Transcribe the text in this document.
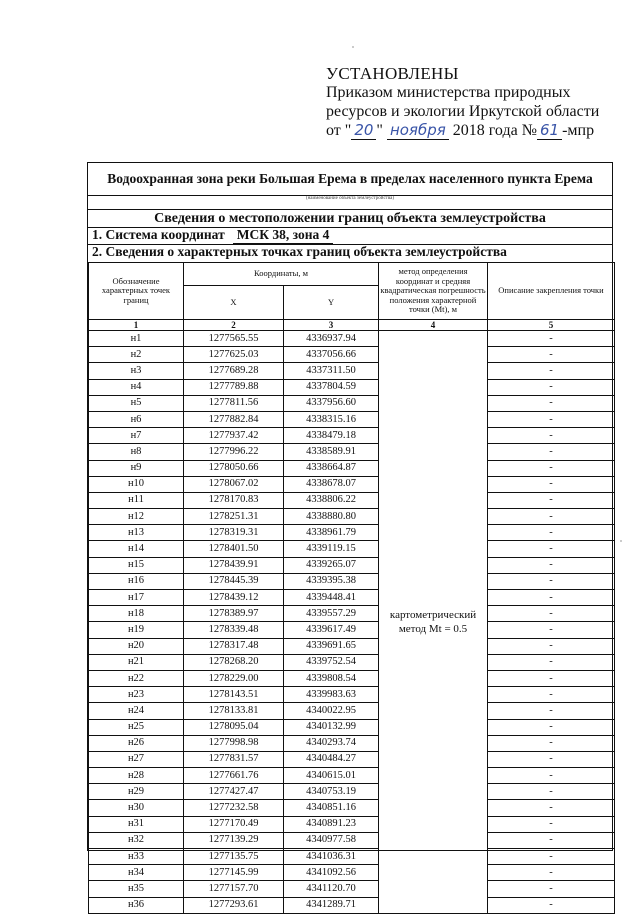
УСТАНОВЛЕНЫ
Приказом министерства природных
ресурсов и экологии Иркутской области
от " 20 " ноября 2018 года № 61 -мпр
Водоохранная зона реки Большая Ерема в пределах населенного пункта Ерема
(наименование объекта землеустройства)
Сведения о местоположении границ объекта землеустройства
1. Система координат МСК 38, зона 4
2. Сведения о характерных точках границ объекта землеустройства
Обозначение характерных точек границ	Координаты, м		метод определения координат и средняя квадратическая погрешность положения характерной точки (Mt), м	Описание закрепления точки
	X	Y		
1	2	3	4	5
н1	1277565.55	4336937.94	картометрический метод Mt = 0.5	-
н2	1277625.03	4337056.66		-
н3	1277689.28	4337311.50		-
н4	1277789.88	4337804.59		-
н5	1277811.56	4337956.60		-
н6	1277882.84	4338315.16		-
н7	1277937.42	4338479.18		-
н8	1277996.22	4338589.91		-
н9	1278050.66	4338664.87		-
н10	1278067.02	4338678.07		-
н11	1278170.83	4338806.22		-
н12	1278251.31	4338880.80		-
н13	1278319.31	4338961.79		-
н14	1278401.50	4339119.15		-
н15	1278439.91	4339265.07		-
н16	1278445.39	4339395.38		-
н17	1278439.12	4339448.41		-
н18	1278389.97	4339557.29		-
н19	1278339.48	4339617.49		-
н20	1278317.48	4339691.65		-
н21	1278268.20	4339752.54		-
н22	1278229.00	4339808.54		-
н23	1278143.51	4339983.63		-
н24	1278133.81	4340022.95		-
н25	1278095.04	4340132.99		-
н26	1277998.98	4340293.74		-
н27	1277831.57	4340484.27		-
н28	1277661.76	4340615.01		-
н29	1277427.47	4340753.19		-
н30	1277232.58	4340851.16		-
н31	1277170.49	4340891.23		-
н32	1277139.29	4340977.58		-
н33	1277135.75	4341036.31		-
н34	1277145.99	4341092.56		-
н35	1277157.70	4341120.70		-
н36	1277293.61	4341289.71		-
